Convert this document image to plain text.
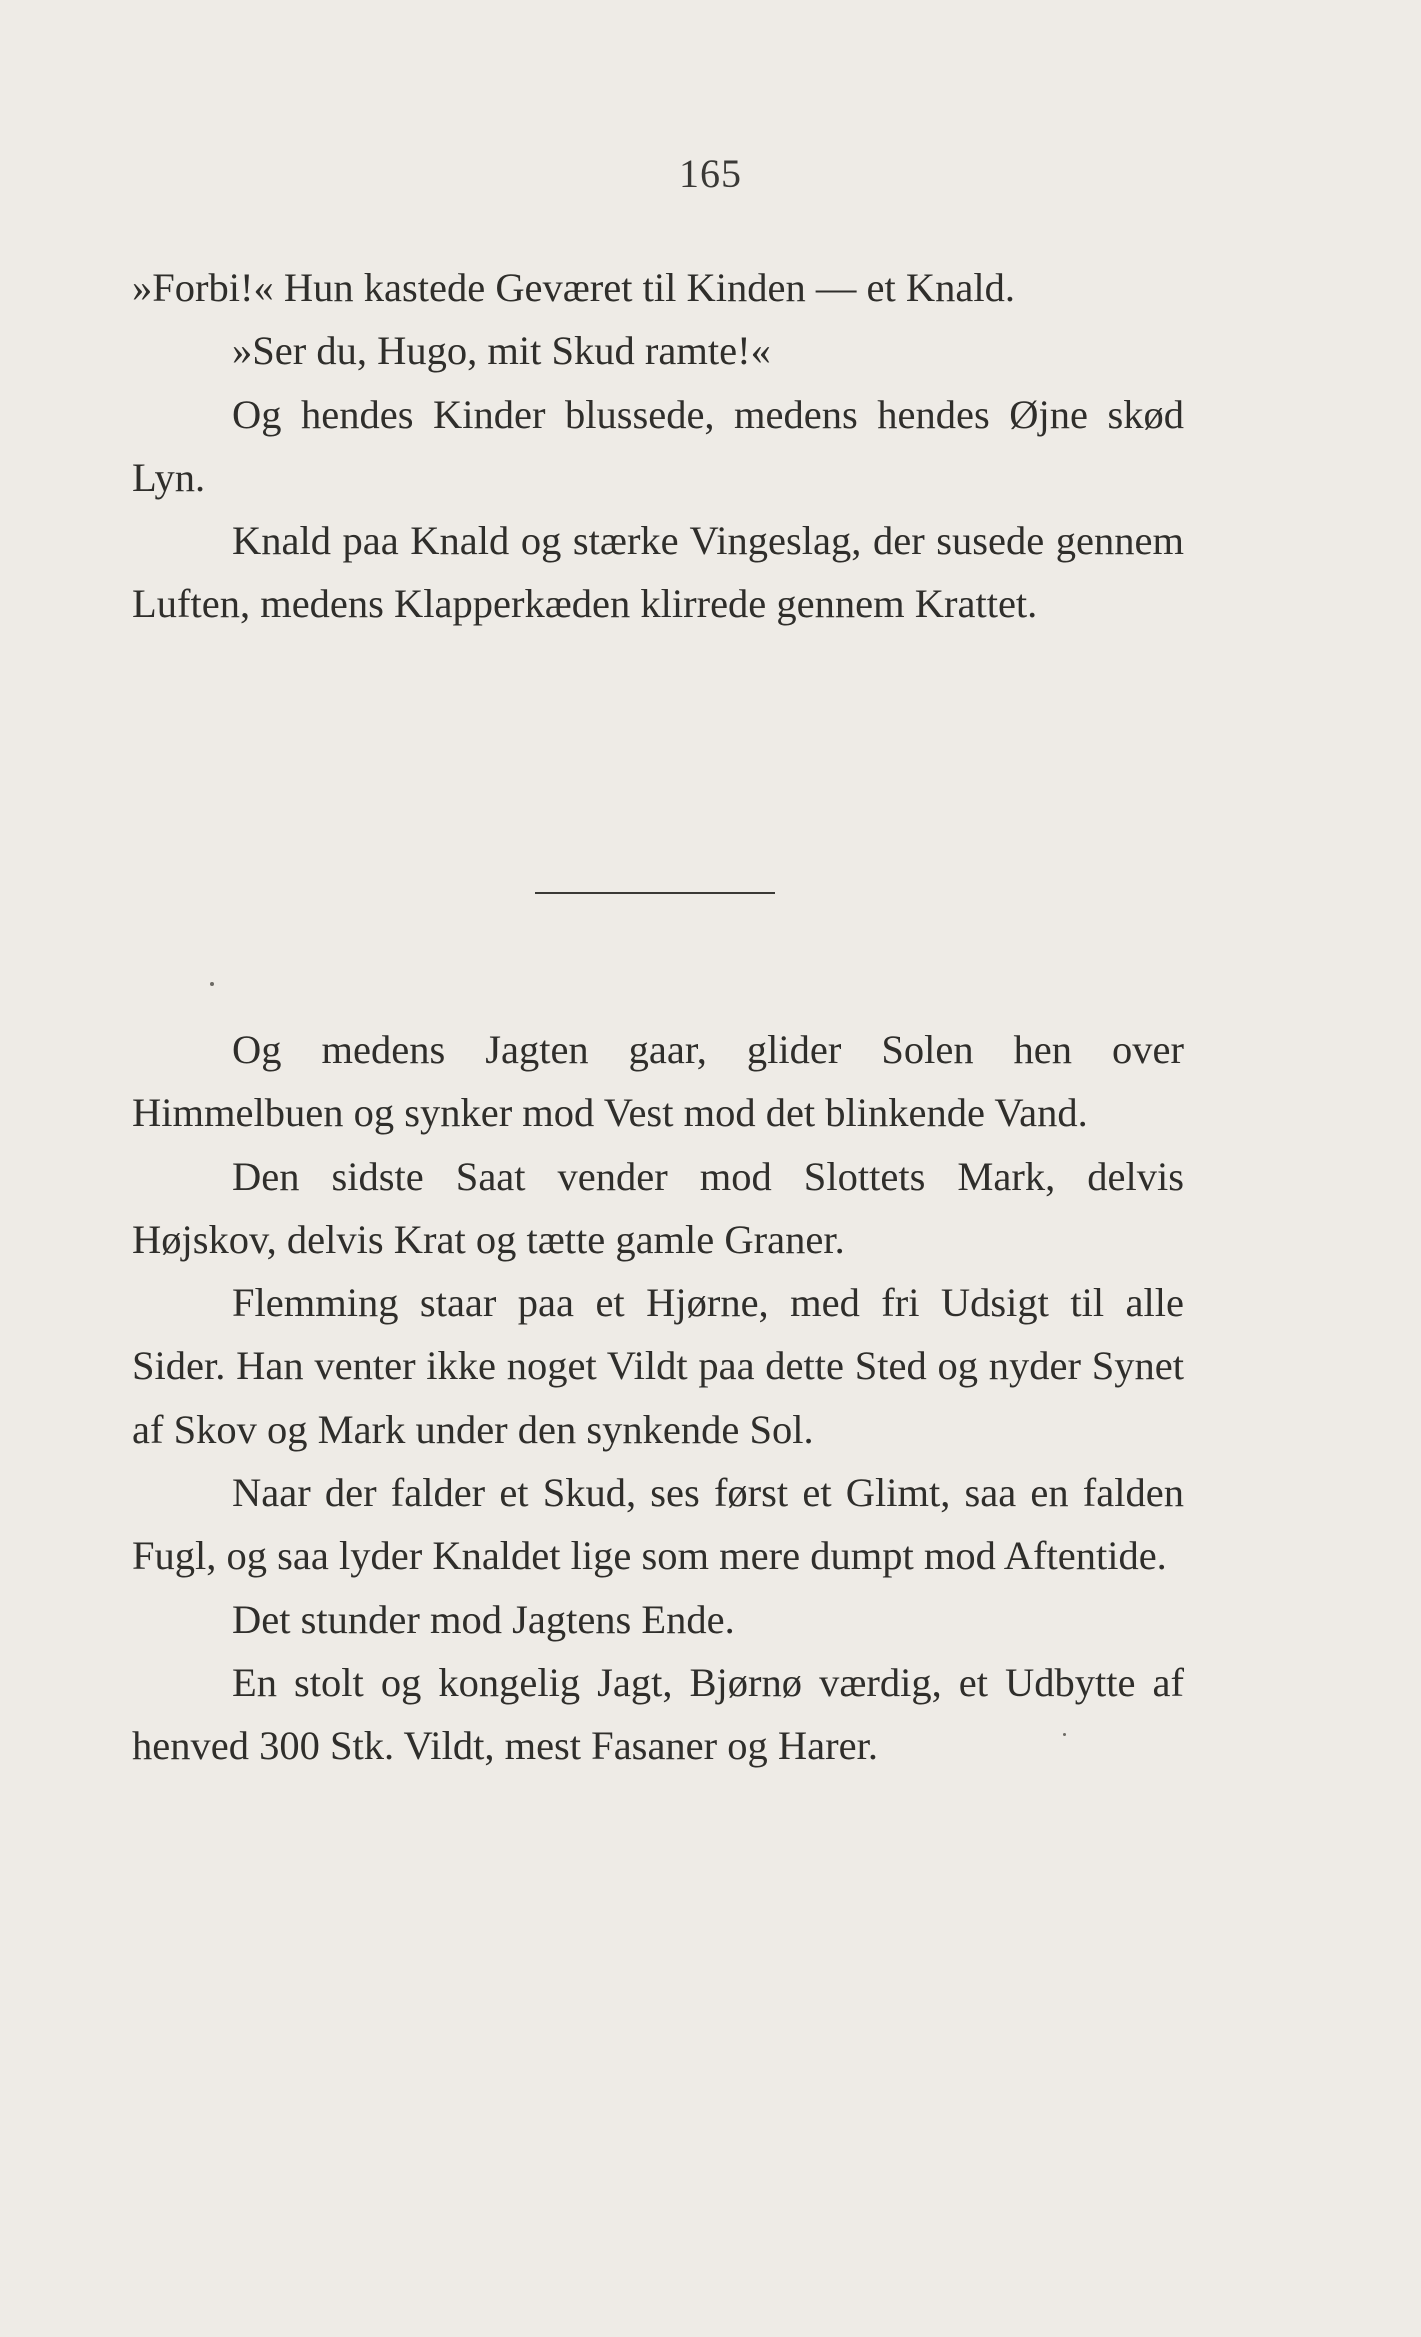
165

»Forbi!« Hun kastede Geværet til Kinden — et Knald.

»Ser du, Hugo, mit Skud ramte!«

Og hendes Kinder blussede, medens hendes Øjne skød Lyn.

Knald paa Knald og stærke Vingeslag, der susede gennem Luften, medens Klapperkæden klirrede gennem Krattet.

Og medens Jagten gaar, glider Solen hen over Himmelbuen og synker mod Vest mod det blinkende Vand.

Den sidste Saat vender mod Slottets Mark, delvis Højskov, delvis Krat og tætte gamle Graner.

Flemming staar paa et Hjørne, med fri Udsigt til alle Sider. Han venter ikke noget Vildt paa dette Sted og nyder Synet af Skov og Mark under den synkende Sol.

Naar der falder et Skud, ses først et Glimt, saa en falden Fugl, og saa lyder Knaldet lige som mere dumpt mod Aftentide.

Det stunder mod Jagtens Ende.

En stolt og kongelig Jagt, Bjørnø værdig, et Udbytte af henved 300 Stk. Vildt, mest Fasaner og Harer.
